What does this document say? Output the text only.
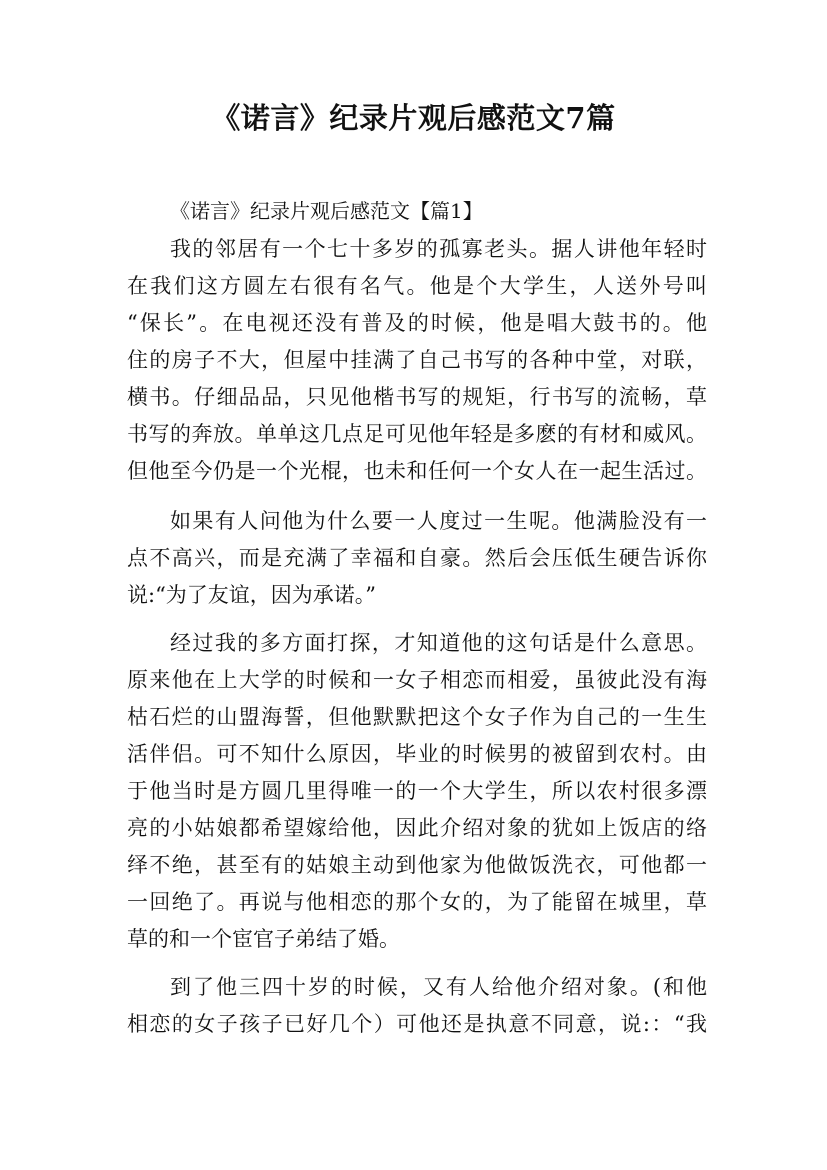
《诺言》纪录片观后感范文7篇
《诺言》纪录片观后感范文【篇1】
我的邻居有一个七十多岁的孤寡老头。据人讲他年轻时
在我们这方圆左右很有名气。他是个大学生，人送外号叫
“保长”。在电视还没有普及的时候，他是唱大鼓书的。他
住的房子不大，但屋中挂满了自己书写的各种中堂，对联，
横书。仔细品品，只见他楷书写的规矩，行书写的流畅，草
书写的奔放。单单这几点足可见他年轻是多麽的有材和威风。
但他至今仍是一个光棍，也未和任何一个女人在一起生活过。
如果有人问他为什么要一人度过一生呢。他满脸没有一
点不高兴，而是充满了幸福和自豪。然后会压低生硬告诉你
说:“为了友谊，因为承诺。”
经过我的多方面打探，才知道他的这句话是什么意思。
原来他在上大学的时候和一女子相恋而相爱，虽彼此没有海
枯石烂的山盟海誓，但他默默把这个女子作为自己的一生生
活伴侣。可不知什么原因，毕业的时候男的被留到农村。由
于他当时是方圆几里得唯一的一个大学生，所以农村很多漂
亮的小姑娘都希望嫁给他，因此介绍对象的犹如上饭店的络
绎不绝，甚至有的姑娘主动到他家为他做饭洗衣，可他都一
一回绝了。再说与他相恋的那个女的，为了能留在城里，草
草的和一个宦官子弟结了婚。
到了他三四十岁的时候，又有人给他介绍对象。(和他
相恋的女子孩子已好几个）可他还是执意不同意，说:：“我
